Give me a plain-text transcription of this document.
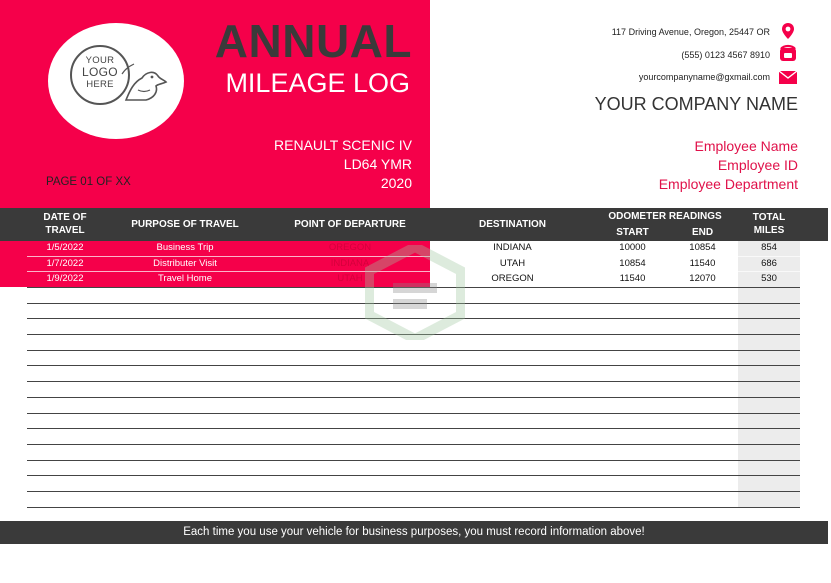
YOUR
LOGO
HERE
ANNUAL
MILEAGE LOG
RENAULT SCENIC IV
LD64 YMR
2020
PAGE 01 OF XX
117 Driving Avenue, Oregon, 25447 OR
(555) 0123 4567 8910
yourcompanyname@gxmail.com
YOUR COMPANY NAME
Employee Name
Employee ID
Employee Department
DATE OF
TRAVEL
PURPOSE OF TRAVEL	POINT OF DEPARTURE	DESTINATION
ODOMETER READINGS
START	END
TOTAL
MILES
1/5/2022	Business Trip	OREGON	INDIANA	10000	10854	854
1/7/2022	Distributer Visit	INDIANA	UTAH	10854	11540	686
1/9/2022	Travel Home	UTAH	OREGON	11540	12070	530
Each time you use your vehicle for business purposes, you must record information above!
